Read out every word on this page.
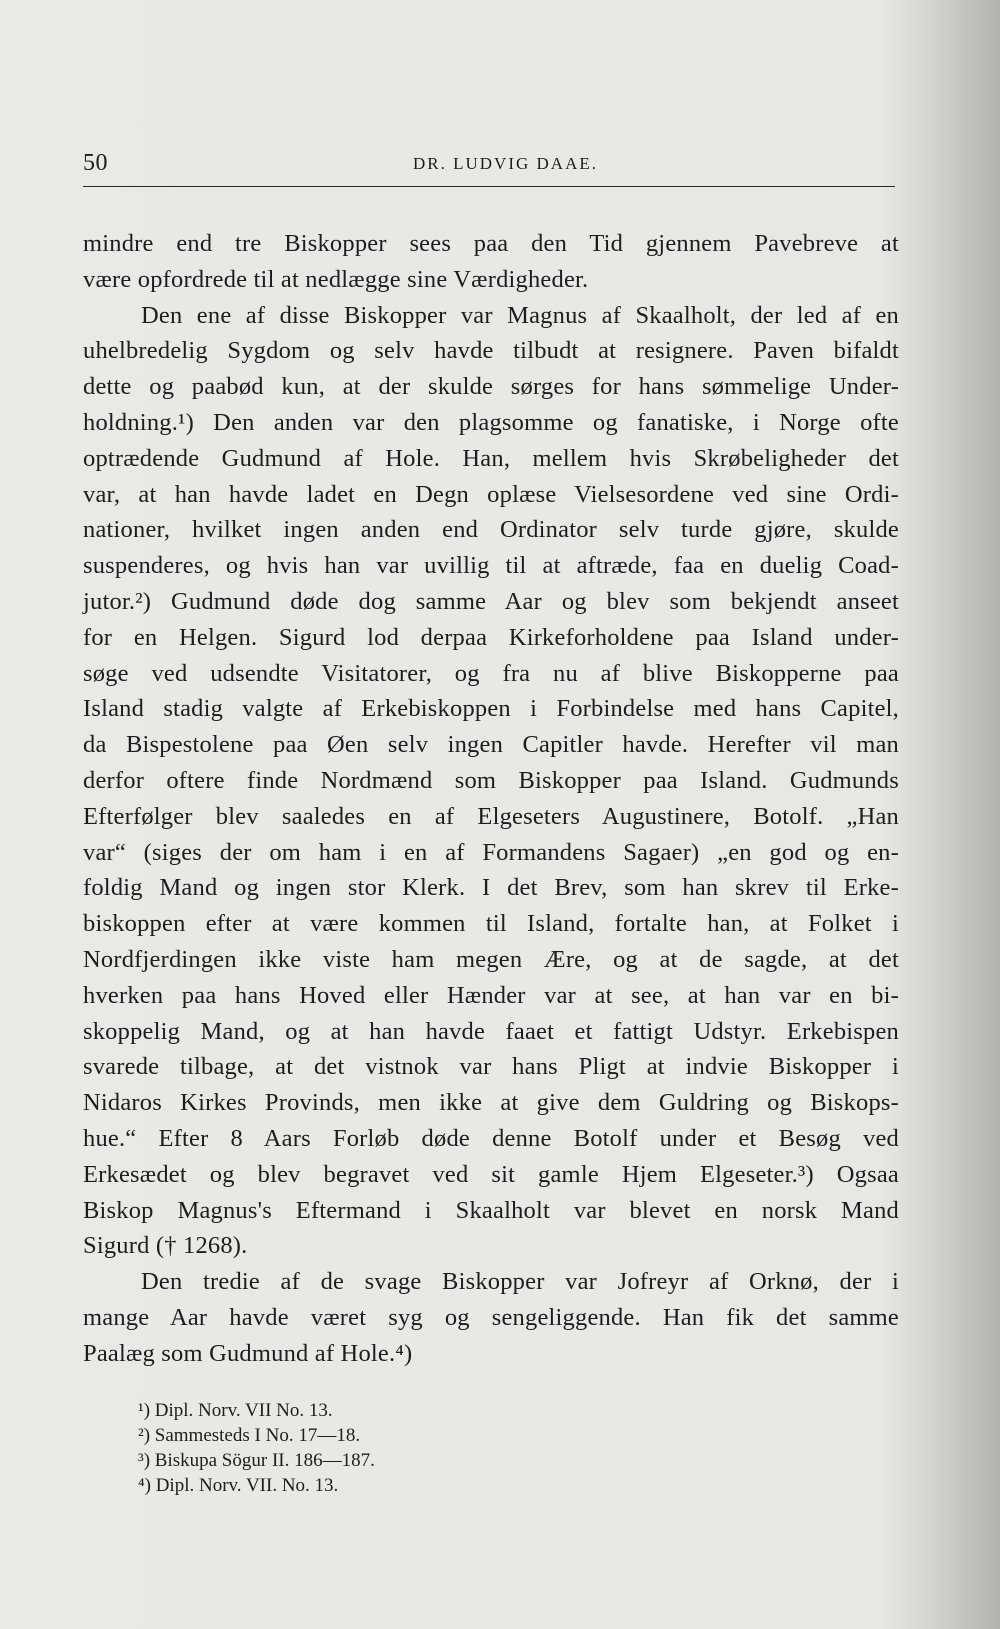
50	DR. LUDVIG DAAE.
mindre end tre Biskopper sees paa den Tid gjennem Pavebreve at
være opfordrede til at nedlægge sine Værdigheder.
Den ene af disse Biskopper var Magnus af Skaalholt, der led af en
uhelbredelig Sygdom og selv havde tilbudt at resignere. Paven bifaldt
dette og paabød kun, at der skulde sørges for hans sømmelige Under-
holdning.¹) Den anden var den plagsomme og fanatiske, i Norge ofte
optrædende Gudmund af Hole. Han, mellem hvis Skrøbeligheder det
var, at han havde ladet en Degn oplæse Vielsesordene ved sine Ordi-
nationer, hvilket ingen anden end Ordinator selv turde gjøre, skulde
suspenderes, og hvis han var uvillig til at aftræde, faa en duelig Coad-
jutor.²) Gudmund døde dog samme Aar og blev som bekjendt anseet
for en Helgen. Sigurd lod derpaa Kirkeforholdene paa Island under-
søge ved udsendte Visitatorer, og fra nu af blive Biskopperne paa
Island stadig valgte af Erkebiskoppen i Forbindelse med hans Capitel,
da Bispestolene paa Øen selv ingen Capitler havde. Herefter vil man
derfor oftere finde Nordmænd som Biskopper paa Island. Gudmunds
Efterfølger blev saaledes en af Elgeseters Augustinere, Botolf. „Han
var“ (siges der om ham i en af Formandens Sagaer) „en god og en-
foldig Mand og ingen stor Klerk. I det Brev, som han skrev til Erke-
biskoppen efter at være kommen til Island, fortalte han, at Folket i
Nordfjerdingen ikke viste ham megen Ære, og at de sagde, at det
hverken paa hans Hoved eller Hænder var at see, at han var en bi-
skoppelig Mand, og at han havde faaet et fattigt Udstyr. Erkebispen
svarede tilbage, at det vistnok var hans Pligt at indvie Biskopper i
Nidaros Kirkes Provinds, men ikke at give dem Guldring og Biskops-
hue.“ Efter 8 Aars Forløb døde denne Botolf under et Besøg ved
Erkesædet og blev begravet ved sit gamle Hjem Elgeseter.³) Ogsaa
Biskop Magnus's Eftermand i Skaalholt var blevet en norsk Mand
Sigurd († 1268).
Den tredie af de svage Biskopper var Jofreyr af Orknø, der i
mange Aar havde været syg og sengeliggende. Han fik det samme
Paalæg som Gudmund af Hole.⁴)
¹) Dipl. Norv. VII No. 13.
²) Sammesteds I No. 17—18.
³) Biskupa Sögur II. 186—187.
⁴) Dipl. Norv. VII. No. 13.
